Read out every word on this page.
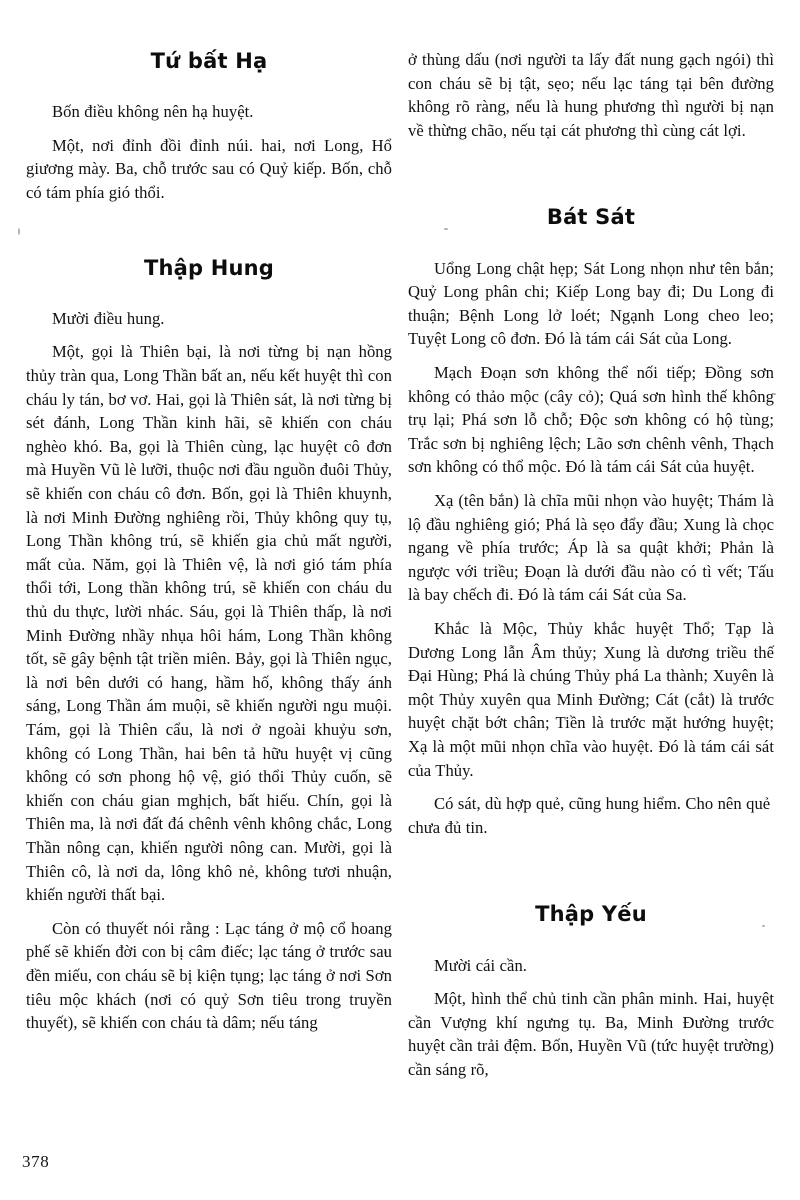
Tứ bất Hạ

Bốn điều không nên hạ huyệt.

Một, nơi đỉnh đồi đỉnh núi. hai, nơi Long, Hổ giương mày. Ba, chỗ trước sau có Quỷ kiếp. Bốn, chỗ có tám phía gió thổi.

Thập Hung

Mười điều hung.

Một, gọi là Thiên bại, là nơi từng bị nạn hồng thủy tràn qua, Long Thần bất an, nếu kết huyệt thì con cháu ly tán, bơ vơ. Hai, gọi là Thiên sát, là nơi từng bị sét đánh, Long Thần kinh hãi, sẽ khiến con cháu nghèo khó. Ba, gọi là Thiên cùng, lạc huyệt cô đơn mà Huyền Vũ lè lưỡi, thuộc nơi đầu nguồn đuôi Thủy, sẽ khiến con cháu cô đơn. Bốn, gọi là Thiên khuynh, là nơi Minh Đường nghiêng rồi, Thủy không quy tụ, Long Thần không trú, sẽ khiến gia chủ mất người, mất của. Năm, gọi là Thiên vệ, là nơi gió tám phía thổi tới, Long thần không trú, sẽ khiến con cháu du thủ du thực, lười nhác. Sáu, gọi là Thiên thấp, là nơi Minh Đường nhầy nhụa hôi hám, Long Thần không tốt, sẽ gây bệnh tật triền miên. Bảy, gọi là Thiên ngục, là nơi bên dưới có hang, hầm hố, không thấy ánh sáng, Long Thần ám muội, sẽ khiến người ngu muội. Tám, gọi là Thiên cẩu, là nơi ở ngoài khuỷu sơn, không có Long Thần, hai bên tả hữu huyệt vị cũng không có sơn phong hộ vệ, gió thổi Thủy cuốn, sẽ khiến con cháu gian mghịch, bất hiếu. Chín, gọi là Thiên ma, là nơi đất đá chênh vênh không chắc, Long Thần nông cạn, khiến người nông can. Mười, gọi là Thiên cô, là nơi da, lông khô nẻ, không tươi nhuận, khiến người thất bại.

Còn có thuyết nói rằng : Lạc táng ở mộ cổ hoang phế sẽ khiến đời con bị câm điếc; lạc táng ở trước sau đền miếu, con cháu sẽ bị kiện tụng; lạc táng ở nơi Sơn tiêu mộc khách (nơi có quỷ Sơn tiêu trong truyền thuyết), sẽ khiến con cháu tà dâm; nếu táng

ở thùng dấu (nơi người ta lấy đất nung gạch ngói) thì con cháu sẽ bị tật, sẹo; nếu lạc táng tại bên đường không rõ ràng, nếu là hung phương thì người bị nạn về thừng chão, nếu tại cát phương thì cùng cát lợi.

Bát Sát

Uổng Long chật hẹp; Sát Long nhọn như tên bắn; Quỷ Long phân chi; Kiếp Long bay đi; Du Long đi thuận; Bệnh Long lở loét; Ngạnh Long cheo leo; Tuyệt Long cô đơn. Đó là tám cái Sát của Long.

Mạch Đoạn sơn không thể nối tiếp; Đồng sơn không có thảo mộc (cây cỏ); Quá sơn hình thế không trụ lại; Phá sơn lỗ chỗ; Độc sơn không có hộ tùng; Trắc sơn bị nghiêng lệch; Lão sơn chênh vênh, Thạch sơn không có thổ mộc. Đó là tám cái Sát của huyệt.

Xạ (tên bắn) là chĩa mũi nhọn vào huyệt; Thám là lộ đầu nghiêng gió; Phá là sẹo đẩy đầu; Xung là chọc ngang về phía trước; Áp là sa quật khởi; Phản là ngược với triều; Đoạn là dưới đầu nào có tì vết; Tấu là bay chếch đi. Đó là tám cái Sát của Sa.

Khắc là Mộc, Thủy khắc huyệt Thổ; Tạp là Dương Long lẫn Âm thủy; Xung là dương triều thế Đại Hùng; Phá là chúng Thủy phá La thành; Xuyên là một Thủy xuyên qua Minh Đường; Cát (cắt) là trước huyệt chặt bớt chân; Tiền là trước mặt hướng huyệt; Xạ là một mũi nhọn chĩa vào huyệt. Đó là tám cái sát của Thủy.

Có sát, dù hợp quẻ, cũng hung hiểm. Cho nên quẻ chưa đủ tin.

Thập Yếu

Mười cái cần.

Một, hình thể chủ tinh cần phân minh. Hai, huyệt cần Vượng khí ngưng tụ. Ba, Minh Đường trước huyệt cần trải đệm. Bốn, Huyền Vũ (tức huyệt trường) cần sáng rõ,

378
